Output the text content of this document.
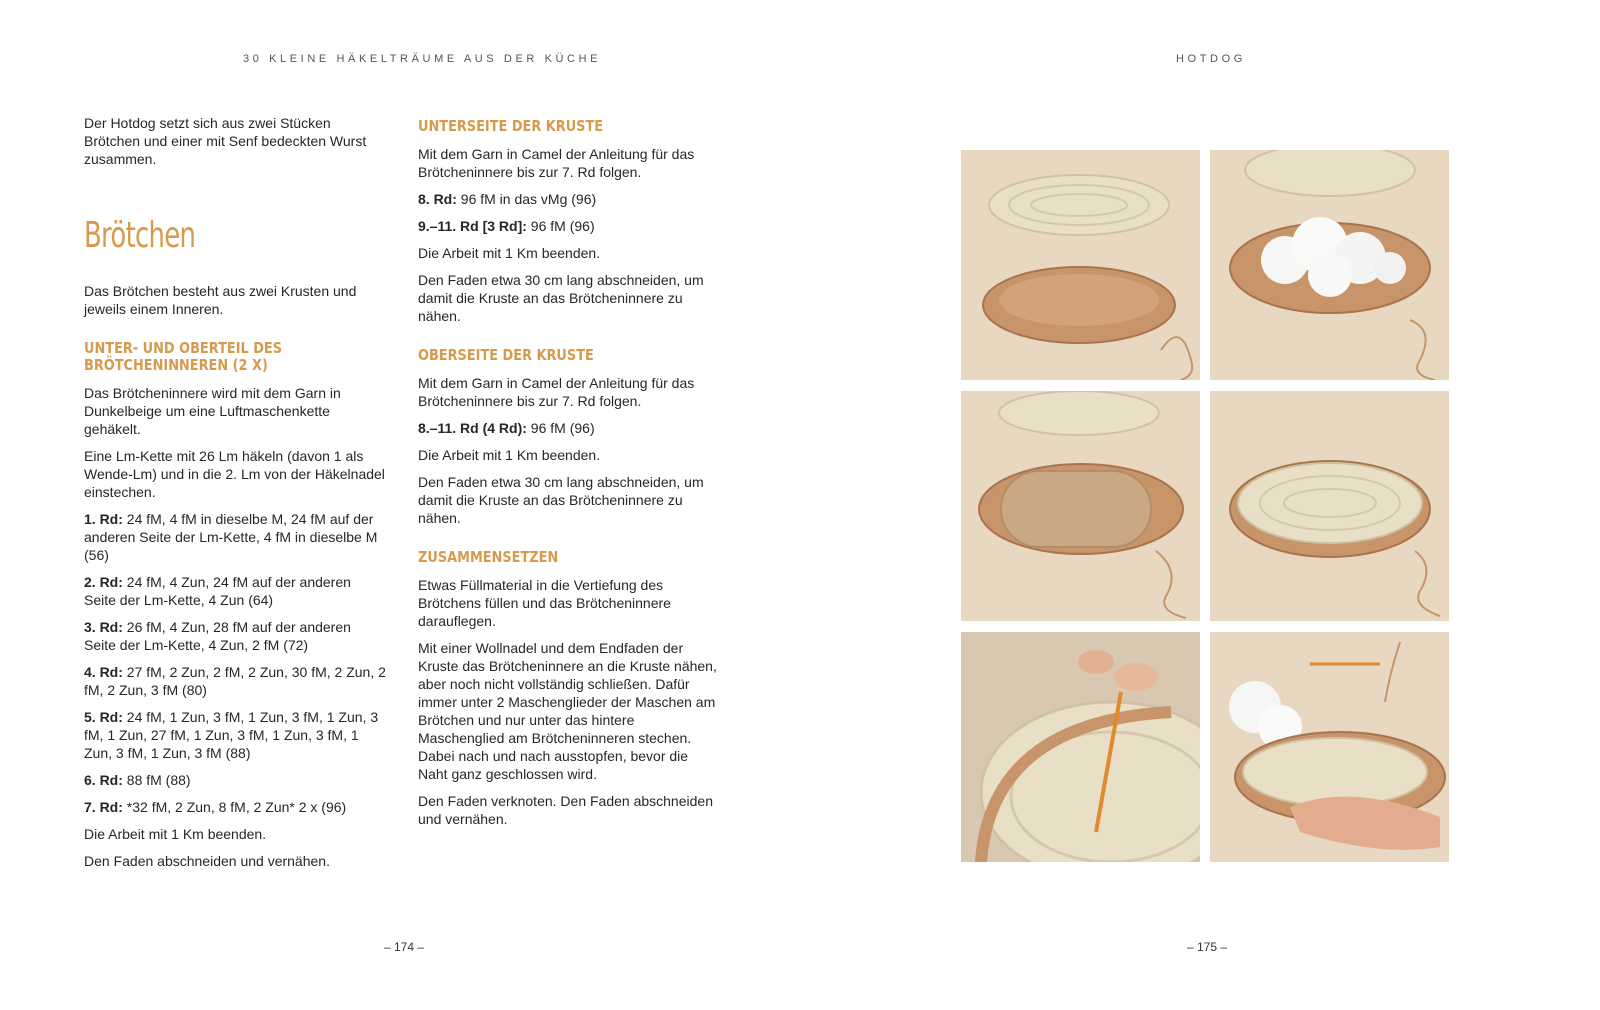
30 KLEINE HÄKELTRÄUME AUS DER KÜCHE	HOTDOG

Der Hotdog setzt sich aus zwei Stücken Brötchen und einer mit Senf bedeckten Wurst zusammen.

Brötchen

Das Brötchen besteht aus zwei Krusten und jeweils einem Inneren.

UNTER- UND OBERTEIL DES BRÖTCHENINNEREN (2 X)

Das Brötcheninnere wird mit dem Garn in Dunkelbeige um eine Luftmaschenkette gehäkelt.

Eine Lm-Kette mit 26 Lm häkeln (davon 1 als Wende-Lm) und in die 2. Lm von der Häkelnadel einstechen.

1. Rd: 24 fM, 4 fM in dieselbe M, 24 fM auf der anderen Seite der Lm-Kette, 4 fM in dieselbe M (56)

2. Rd: 24 fM, 4 Zun, 24 fM auf der anderen Seite der Lm-Kette, 4 Zun (64)

3. Rd: 26 fM, 4 Zun, 28 fM auf der anderen Seite der Lm-Kette, 4 Zun, 2 fM (72)

4. Rd: 27 fM, 2 Zun, 2 fM, 2 Zun, 30 fM, 2 Zun, 2 fM, 2 Zun, 3 fM (80)

5. Rd: 24 fM, 1 Zun, 3 fM, 1 Zun, 3 fM, 1 Zun, 3 fM, 1 Zun, 27 fM, 1 Zun, 3 fM, 1 Zun, 3 fM, 1 Zun, 3 fM, 1 Zun, 3 fM (88)

6. Rd: 88 fM (88)

7. Rd: *32 fM, 2 Zun, 8 fM, 2 Zun* 2 x (96)

Die Arbeit mit 1 Km beenden.

Den Faden abschneiden und vernähen.

UNTERSEITE DER KRUSTE

Mit dem Garn in Camel der Anleitung für das Brötcheninnere bis zur 7. Rd folgen.

8. Rd: 96 fM in das vMg (96)

9.–11. Rd [3 Rd]: 96 fM (96)

Die Arbeit mit 1 Km beenden.

Den Faden etwa 30 cm lang abschneiden, um damit die Kruste an das Brötcheninnere zu nähen.

OBERSEITE DER KRUSTE

Mit dem Garn in Camel der Anleitung für das Brötcheninnere bis zur 7. Rd folgen.

8.–11. Rd (4 Rd): 96 fM (96)

Die Arbeit mit 1 Km beenden.

Den Faden etwa 30 cm lang abschneiden, um damit die Kruste an das Brötcheninnere zu nähen.

ZUSAMMENSETZEN

Etwas Füllmaterial in die Vertiefung des Brötchens füllen und das Brötcheninnere darauflegen.

Mit einer Wollnadel und dem Endfaden der Kruste das Brötcheninnere an die Kruste nähen, aber noch nicht vollständig schließen. Dafür immer unter 2 Maschenglieder der Maschen am Brötchen und nur unter das hintere Maschenglied am Brötcheninneren stechen. Dabei nach und nach ausstopfen, bevor die Naht ganz geschlossen wird.

Den Faden verknoten. Den Faden abschneiden und vernähen.

– 174 –	– 175 –
